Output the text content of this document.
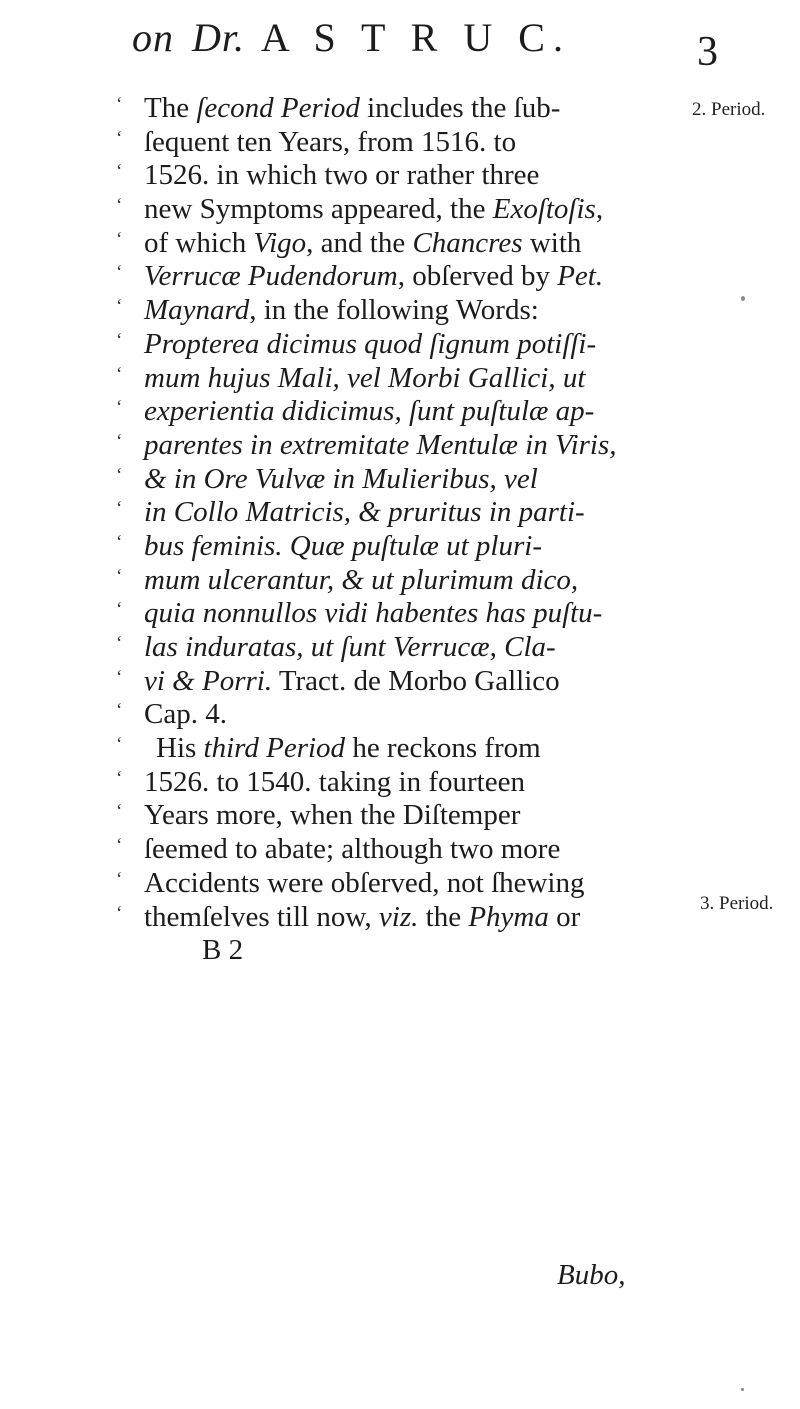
on Dr. A S T R U C.	3
2. Period.
3. Period.
‘ The ſecond Period includes the ſub-
‘ ſequent ten Years, from 1516. to
‘ 1526. in which two or rather three
‘ new Symptoms appeared, the Exoſtoſis,
‘ of which Vigo, and the Chancres with
‘ Verrucæ Pudendorum, obſerved by Pet.
‘ Maynard, in the following Words:
‘ Propterea dicimus quod ſignum potiſſi-
‘ mum hujus Mali, vel Morbi Gallici, ut
‘ experientia didicimus, ſunt puſtulæ ap-
‘ parentes in extremitate Mentulæ in Viris,
‘ & in Ore Vulvæ in Mulieribus, vel
‘ in Collo Matricis, & pruritus in parti-
‘ bus feminis. Quæ puſtulæ ut pluri-
‘ mum ulcerantur, & ut plurimum dico,
‘ quia nonnullos vidi habentes has puſtu-
‘ las induratas, ut ſunt Verrucæ, Cla-
‘ vi & Porri. Tract. de Morbo Gallico
‘ Cap. 4.
‘ His third Period he reckons from
‘ 1526. to 1540. taking in fourteen
‘ Years more, when the Diſtemper
‘ ſeemed to abate; although two more
‘ Accidents were obſerved, not ſhewing
‘ themſelves till now, viz. the Phyma or
B 2
Bubo,
